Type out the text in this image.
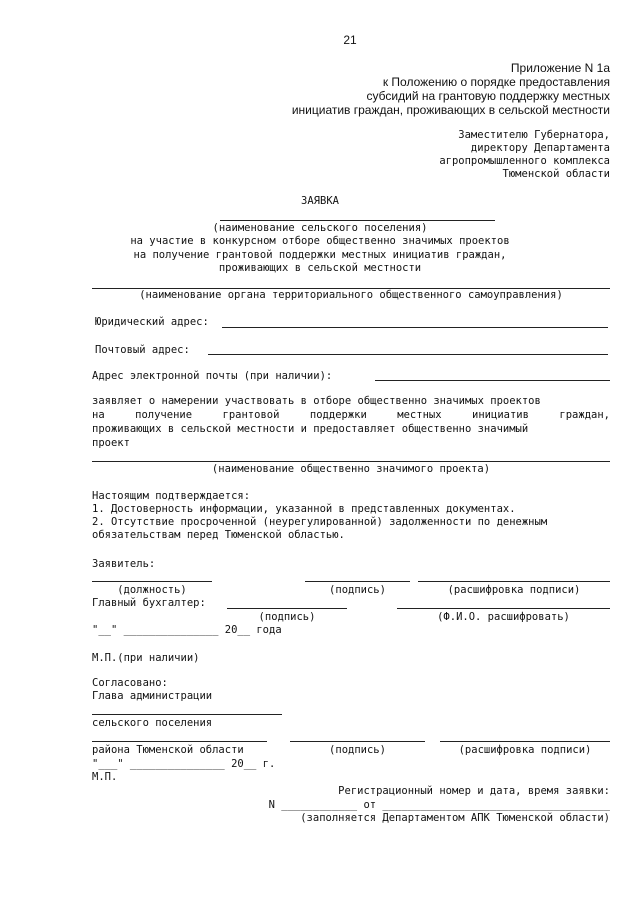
21
Приложение N 1а
к Положению о порядке предоставления
субсидий на грантовую поддержку местных
инициатив граждан, проживающих в сельской местности
Заместителю Губернатора,
директору Департамента
агропромышленного комплекса
Тюменской области
ЗАЯВКА
(наименование сельского поселения)
на участие в конкурсном отборе общественно значимых проектов
на получение грантовой поддержки местных инициатив граждан,
проживающих в сельской местности
(наименование органа территориального общественного самоуправления)
Юридический адрес:
Почтовый адрес:
Адрес электронной почты (при наличии):
заявляет о намерении участвовать в отборе общественно значимых проектов
на получение грантовой поддержки местных инициатив граждан,
проживающих в сельской местности и предоставляет общественно значимый
проект
(наименование общественно значимого проекта)
Настоящим подтверждается:
1. Достоверность информации, указанной в представленных документах.
2. Отсутствие просроченной (неурегулированной) задолженности по денежным
обязательствам перед Тюменской областью.
Заявитель:
(должность)	(подпись)	(расшифровка подписи)
Главный бухгалтер:
(подпись)	(Ф.И.О. расшифровать)
"__" _______________ 20__ года
М.П.(при наличии)
Согласовано:
Глава администрации
сельского поселения
района Тюменской области	(подпись)	(расшифровка подписи)
"___" _______________ 20__ г.
М.П.
Регистрационный номер и дата, время заявки:
N ____________ от ____________________________________
(заполняется Департаментом АПК Тюменской области)
